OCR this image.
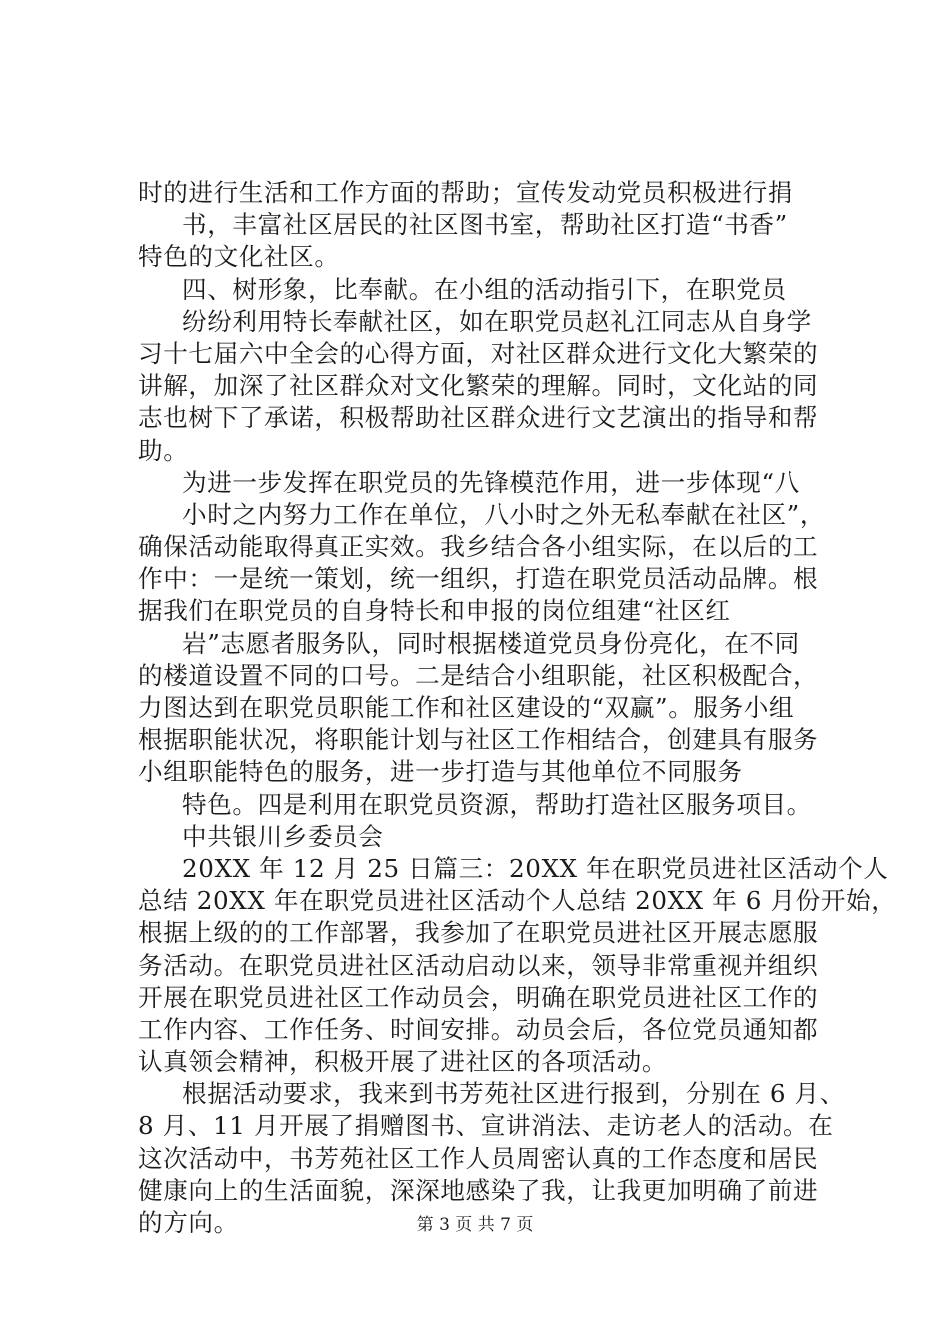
时的进行生活和工作方面的帮助；宣传发动党员积极进行捐
书，丰富社区居民的社区图书室，帮助社区打造“书香”
特色的文化社区。
四、树形象，比奉献。在小组的活动指引下，在职党员
纷纷利用特长奉献社区，如在职党员赵礼江同志从自身学
习十七届六中全会的心得方面，对社区群众进行文化大繁荣的
讲解，加深了社区群众对文化繁荣的理解。同时，文化站的同
志也树下了承诺，积极帮助社区群众进行文艺演出的指导和帮
助。
为进一步发挥在职党员的先锋模范作用，进一步体现“八
小时之内努力工作在单位，八小时之外无私奉献在社区”，
确保活动能取得真正实效。我乡结合各小组实际，在以后的工
作中：一是统一策划，统一组织，打造在职党员活动品牌。根
据我们在职党员的自身特长和申报的岗位组建“社区红
岩”志愿者服务队，同时根据楼道党员身份亮化，在不同
的楼道设置不同的口号。二是结合小组职能，社区积极配合，
力图达到在职党员职能工作和社区建设的“双赢”。服务小组
根据职能状况，将职能计划与社区工作相结合，创建具有服务
小组职能特色的服务，进一步打造与其他单位不同服务
特色。四是利用在职党员资源，帮助打造社区服务项目。
中共银川乡委员会
20XX 年 12 月 25 日篇三：20XX 年在职党员进社区活动个人
总结 20XX 年在职党员进社区活动个人总结 20XX 年 6 月份开始，
根据上级的的工作部署，我参加了在职党员进社区开展志愿服
务活动。在职党员进社区活动启动以来，领导非常重视并组织
开展在职党员进社区工作动员会，明确在职党员进社区工作的
工作内容、工作任务、时间安排。动员会后，各位党员通知都
认真领会精神，积极开展了进社区的各项活动。
根据活动要求，我来到书芳苑社区进行报到，分别在 6 月、
8 月、11 月开展了捐赠图书、宣讲消法、走访老人的活动。在
这次活动中，书芳苑社区工作人员周密认真的工作态度和居民
健康向上的生活面貌，深深地感染了我，让我更加明确了前进
的方向。	第 3 页 共 7 页
